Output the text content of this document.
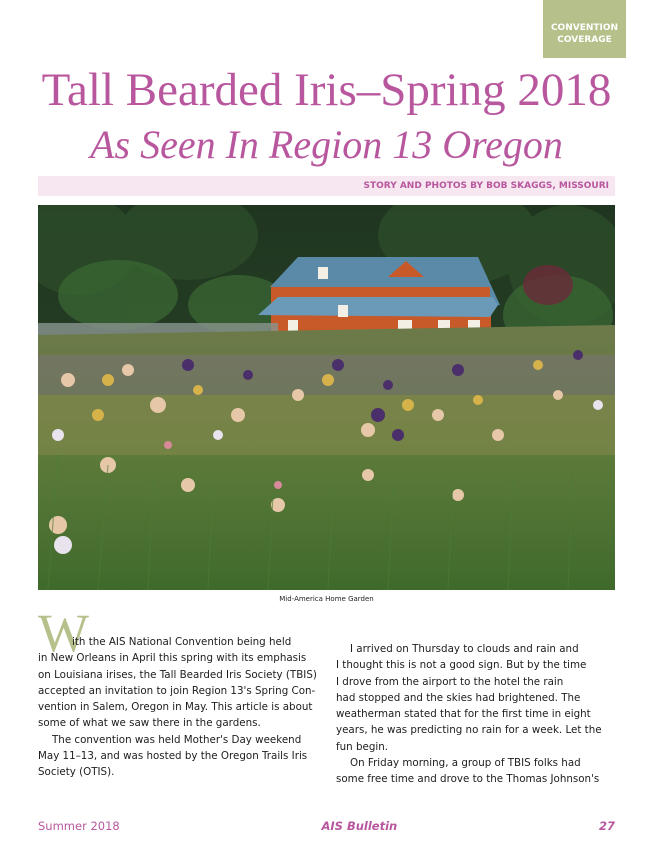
CONVENTION
COVERAGE
Tall Bearded Iris–Spring 2018
As Seen In Region 13 Oregon
STORY AND PHOTOS BY BOB SKAGGS, MISSOURI
Mid-America Home Garden
W
ith the AIS National Convention being held
in New Orleans in April this spring with its emphasis
on Louisiana irises, the Tall Bearded Iris Society (TBIS)
accepted an invitation to join Region 13's Spring Con-
vention in Salem, Oregon in May. This article is about
some of what we saw there in the gardens.
The convention was held Mother's Day weekend
May 11–13, and was hosted by the Oregon Trails Iris
Society (OTIS).
I arrived on Thursday to clouds and rain and
I thought this is not a good sign. But by the time
I drove from the airport to the hotel the rain
had stopped and the skies had brightened. The
weatherman stated that for the first time in eight
years, he was predicting no rain for a week. Let the
fun begin.
On Friday morning, a group of TBIS folks had
some free time and drove to the Thomas Johnson's
Summer 2018	AIS Bulletin	27
